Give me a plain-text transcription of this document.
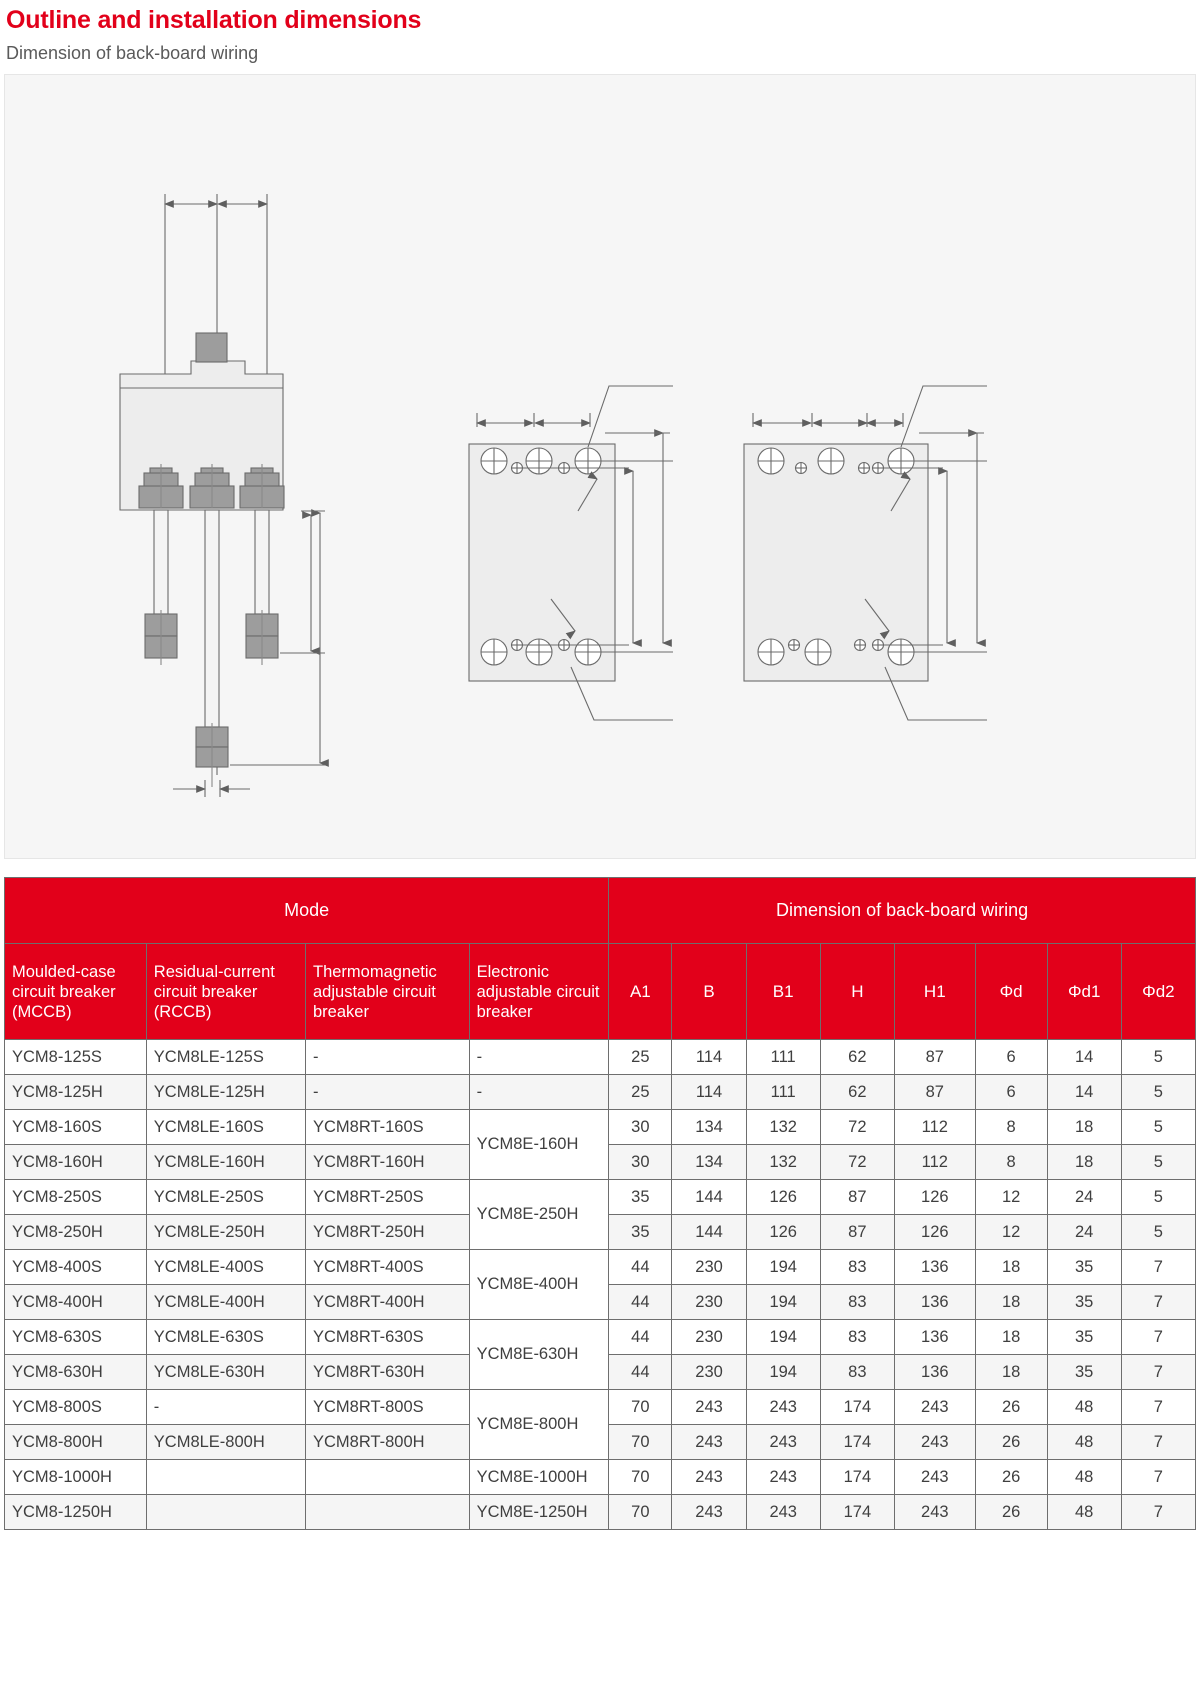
Outline and installation dimensions
Dimension of back-board wiring
Mode				Dimension of back-board wiring							
Moulded-case circuit breaker (MCCB)	Residual-current circuit breaker (RCCB)	Thermomagnetic adjustable circuit breaker	Electronic adjustable circuit breaker	A1	B	B1	H	H1	Φd	Φd1	Φd2
YCM8-125S	YCM8LE-125S	-	-	25	114	111	62	87	6	14	5
YCM8-125H	YCM8LE-125H	-	-	25	114	111	62	87	6	14	5
YCM8-160S	YCM8LE-160S	YCM8RT-160S	YCM8E-160H	30	134	132	72	112	8	18	5
YCM8-160H	YCM8LE-160H	YCM8RT-160H		30	134	132	72	112	8	18	5
YCM8-250S	YCM8LE-250S	YCM8RT-250S	YCM8E-250H	35	144	126	87	126	12	24	5
YCM8-250H	YCM8LE-250H	YCM8RT-250H		35	144	126	87	126	12	24	5
YCM8-400S	YCM8LE-400S	YCM8RT-400S	YCM8E-400H	44	230	194	83	136	18	35	7
YCM8-400H	YCM8LE-400H	YCM8RT-400H		44	230	194	83	136	18	35	7
YCM8-630S	YCM8LE-630S	YCM8RT-630S	YCM8E-630H	44	230	194	83	136	18	35	7
YCM8-630H	YCM8LE-630H	YCM8RT-630H		44	230	194	83	136	18	35	7
YCM8-800S	-	YCM8RT-800S	YCM8E-800H	70	243	243	174	243	26	48	7
YCM8-800H	YCM8LE-800H	YCM8RT-800H		70	243	243	174	243	26	48	7
YCM8-1000H			YCM8E-1000H	70	243	243	174	243	26	48	7
YCM8-1250H			YCM8E-1250H	70	243	243	174	243	26	48	7
